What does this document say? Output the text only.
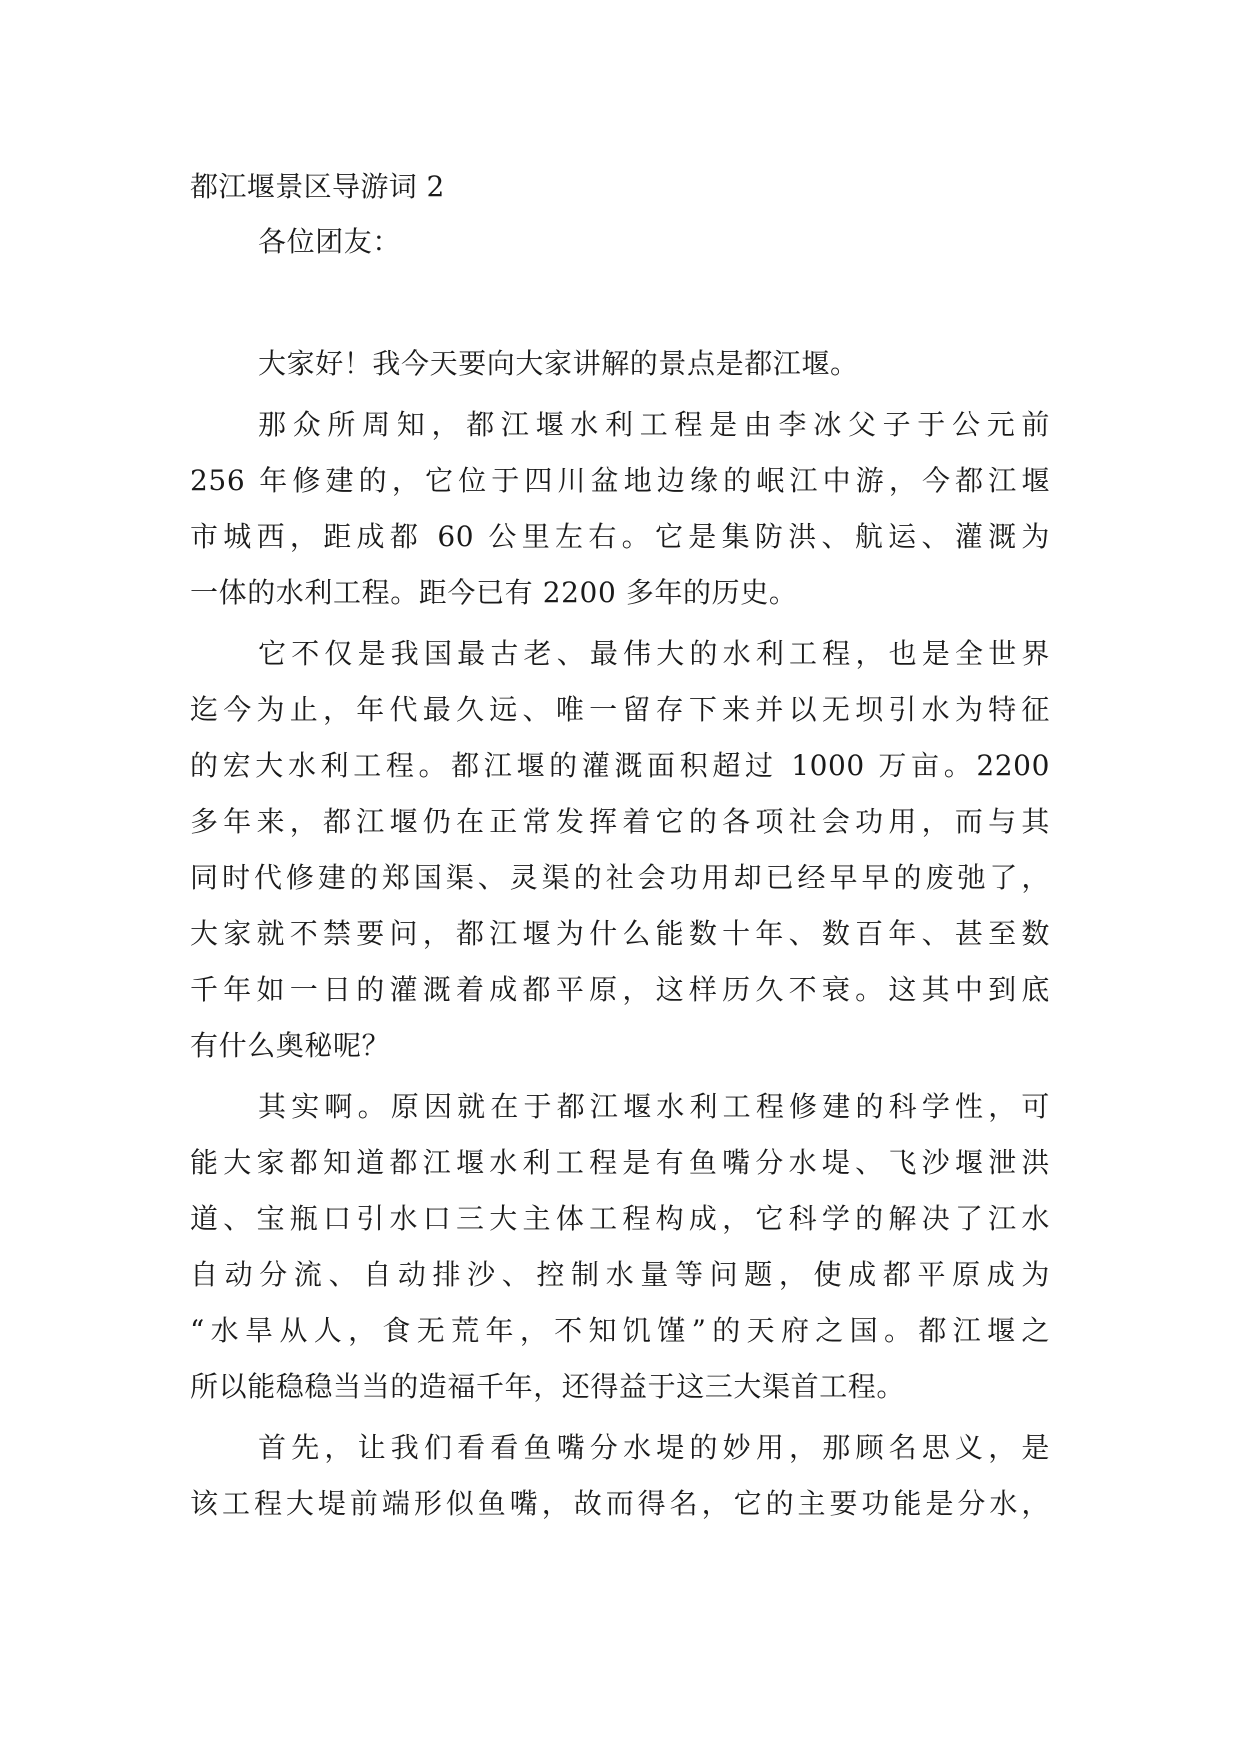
都江堰景区导游词 2
各位团友：
大家好！我今天要向大家讲解的景点是都江堰。
那众所周知，都江堰水利工程是由李冰父子于公元前
256 年修建的，它位于四川盆地边缘的岷江中游，今都江堰
市城西，距成都 60 公里左右。它是集防洪、航运、灌溉为
一体的水利工程。距今已有 2200 多年的历史。
它不仅是我国最古老、最伟大的水利工程，也是全世界
迄今为止，年代最久远、唯一留存下来并以无坝引水为特征
的宏大水利工程。都江堰的灌溉面积超过 1000 万亩。2200
多年来，都江堰仍在正常发挥着它的各项社会功用，而与其
同时代修建的郑国渠、灵渠的社会功用却已经早早的废弛了，
大家就不禁要问，都江堰为什么能数十年、数百年、甚至数
千年如一日的灌溉着成都平原，这样历久不衰。这其中到底
有什么奥秘呢？
其实啊。原因就在于都江堰水利工程修建的科学性，可
能大家都知道都江堰水利工程是有鱼嘴分水堤、飞沙堰泄洪
道、宝瓶口引水口三大主体工程构成，它科学的解决了江水
自动分流、自动排沙、控制水量等问题，使成都平原成为
“水旱从人，食无荒年，不知饥馑”的天府之国。都江堰之
所以能稳稳当当的造福千年，还得益于这三大渠首工程。
首先，让我们看看鱼嘴分水堤的妙用，那顾名思义，是
该工程大堤前端形似鱼嘴，故而得名，它的主要功能是分水，
